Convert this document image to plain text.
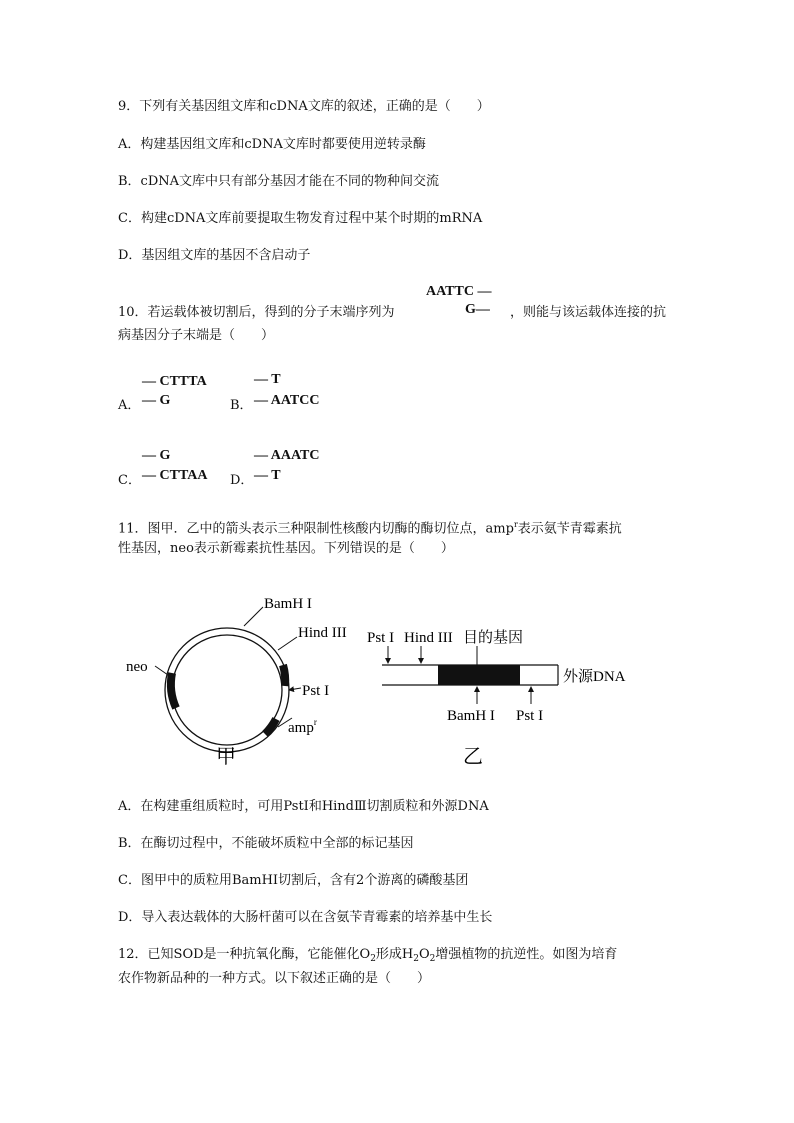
9．下列有关基因组文库和cDNA文库的叙述，正确的是（　　）
A．构建基因组文库和cDNA文库时都要使用逆转录酶
B．cDNA文库中只有部分基因才能在不同的物种间交流
C．构建cDNA文库前要提取生物发育过程中某个时期的mRNA
D．基因组文库的基因不含启动子
AATTC —
10．若运载体被切割后，得到的分子末端序列为	G— ，则能与该运载体连接的抗
病基因分子末端是（　　）
— CTTTA
A． — G
— T
B． — AATCC
— G
C． — CTTAA
— AAATC
D． — T
11．图甲．乙中的箭头表示三种限制性核酸内切酶的酶切位点，amp$^r$表示氨苄青霉素抗
性基因，neo表示新霉素抗性基因。下列错误的是（　　）
BamH I
Hind III
neo
Pst I
amp$^r$
甲
Pst I Hind III 目的基因
外源DNA
BamH I Pst I
乙
A．在构建重组质粒时，可用PstⅠ和HindⅢ切割质粒和外源DNA
B．在酶切过程中，不能破坏质粒中全部的标记基因
C．图甲中的质粒用BamHⅠ切割后，含有2个游离的磷酸基团
D．导入表达载体的大肠杆菌可以在含氨苄青霉素的培养基中生长
12．已知SOD是一种抗氧化酶，它能催化$O_2$形成$H_2O_2$增强植物的抗逆性。如图为培育
农作物新品种的一种方式。以下叙述正确的是（　　）
